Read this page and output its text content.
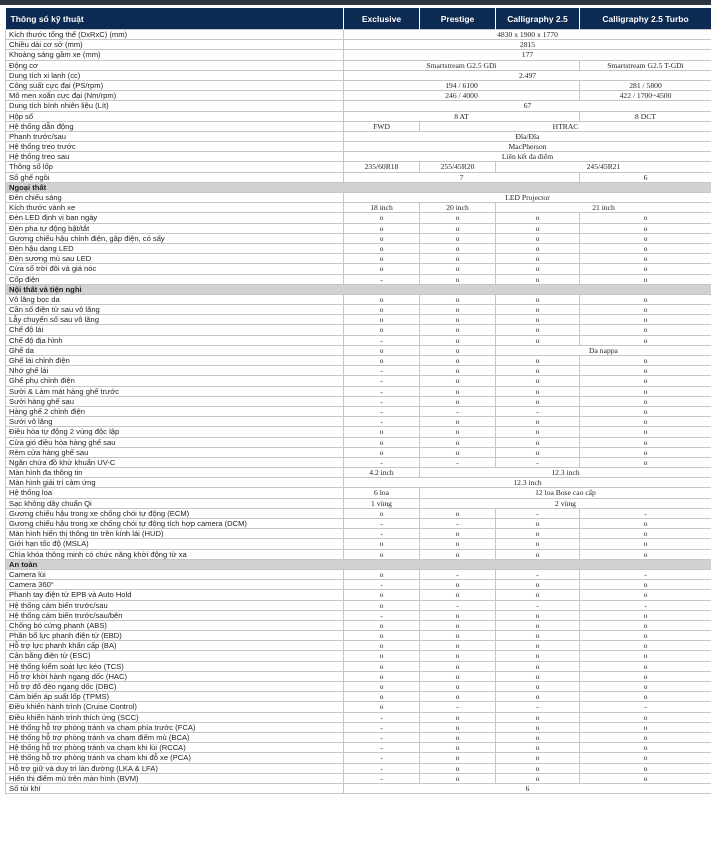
Thông số kỹ thuật	Exclusive	Prestige	Calligraphy 2.5	Calligraphy 2.5 Turbo
Kích thước tổng thể (DxRxC) (mm)	4830 x 1900 x 1770			
Chiều dài cơ sở (mm)	2815			
Khoảng sáng gầm xe (mm)	177			
Động cơ	Smartstream G2.5 GDi			Smartstream G2.5 T-GDi
Dung tích xi lanh (cc)	2.497			
Công suất cực đại (PS/rpm)	194 / 6100			281 / 5800
Mô men xoắn cực đại (Nm/rpm)	246 / 4000			422 / 1700~4500
Dung tích bình nhiên liệu (Lít)	67			
Hộp số	8 AT			8 DCT
Hệ thống dẫn động	FWD	HTRAC		
Phanh trước/sau	Đĩa/Đĩa			
Hệ thống treo trước	MacPherson			
Hệ thống treo sau	Liên kết đa điểm			
Thông số lốp	235/60R18	255/45R20	245/45R21	
Số ghế ngồi	7			6
Ngoại thất				
Đèn chiếu sáng	LED Projector			
Kích thước vành xe	18 inch	20 inch	21 inch	
Đèn LED định vị ban ngày	o	o	o	o
Đèn pha tự động bật/tắt	o	o	o	o
Gương chiếu hậu chỉnh điện, gập điện, có sấy	o	o	o	o
Đèn hậu dạng LED	o	o	o	o
Đèn sương mù sau LED	o	o	o	o
Cửa sổ trời đôi và giá nóc	o	o	o	o
Cốp điện	-	o	o	o
Nội thất và tiện nghi				
Vô lăng bọc da	o	o	o	o
Cần số điện tử sau vô lăng	o	o	o	o
Lẫy chuyển số sau vô lăng	o	o	o	o
Chế độ lái	o	o	o	o
Chế độ địa hình	-	o	o	o
Ghế da	o	o	Da nappa	
Ghế lái chỉnh điện	o	o	o	o
Nhớ ghế lái	-	o	o	o
Ghế phụ chỉnh điện	-	o	o	o
Sưởi & Làm mát hàng ghế trước	-	o	o	o
Sưởi hàng ghế sau	-	o	o	o
Hàng ghế 2 chỉnh điện	-	-	-	o
Sưởi vô lăng	-	o	o	o
Điều hòa tự động 2 vùng độc lập	o	o	o	o
Cửa gió điều hòa hàng ghế sau	o	o	o	o
Rèm cửa hàng ghế sau	o	o	o	o
Ngăn chứa đồ khử khuẩn UV-C	-	-	-	o
Màn hình đa thông tin	4.2 inch	12.3 inch		
Màn hình giải trí cảm ứng	12.3 inch			
Hệ thống loa	6 loa	12 loa Bose cao cấp		
Sạc không dây chuẩn Qi	1 vùng	2 vùng		
Gương chiếu hậu trong xe chống chói tự động (ECM)	o	o	-	-
Gương chiếu hậu trong xe chống chói tự động tích hợp camera (DCM)	-	-	o	o
Màn hình hiển thị thông tin trên kính lái (HUD)	-	o	o	o
Giới hạn tốc độ (MSLA)	o	o	o	o
Chìa khóa thông minh có chức năng khởi động từ xa	o	o	o	o
An toàn				
Camera lùi	o	-	-	-
Camera 360°	-	o	o	o
Phanh tay điện tử EPB và Auto Hold	o	o	o	o
Hệ thống cảm biến trước/sau	o	-	-	-
Hệ thống cảm biến trước/sau/bên	-	o	o	o
Chống bó cứng phanh (ABS)	o	o	o	o
Phân bổ lực phanh điện tử (EBD)	o	o	o	o
Hỗ trợ lực phanh khẩn cấp (BA)	o	o	o	o
Cân bằng điện tử (ESC)	o	o	o	o
Hệ thống kiểm soát lực kéo (TCS)	o	o	o	o
Hỗ trợ khởi hành ngang dốc (HAC)	o	o	o	o
Hỗ trợ đổ đèo ngang dốc (DBC)	o	o	o	o
Cảm biến áp suất lốp (TPMS)	o	o	o	o
Điều khiển hành trình (Cruise Control)	o	-	-	-
Điều khiển hành trình thích ứng (SCC)	-	o	o	o
Hệ thống hỗ trợ phòng tránh va chạm phía trước (FCA)	-	o	o	o
Hệ thống hỗ trợ phòng tránh va chạm điểm mù (BCA)	-	o	o	o
Hệ thống hỗ trợ phòng tránh va chạm khi lùi (RCCA)	-	o	o	o
Hệ thống hỗ trợ phòng tránh va chạm khi đỗ xe (PCA)	-	o	o	o
Hỗ trợ giữ và duy trì làn đường (LKA & LFA)	-	o	o	o
Hiển thị điểm mù trên màn hình (BVM)	-	o	o	o
Số túi khí	6			
